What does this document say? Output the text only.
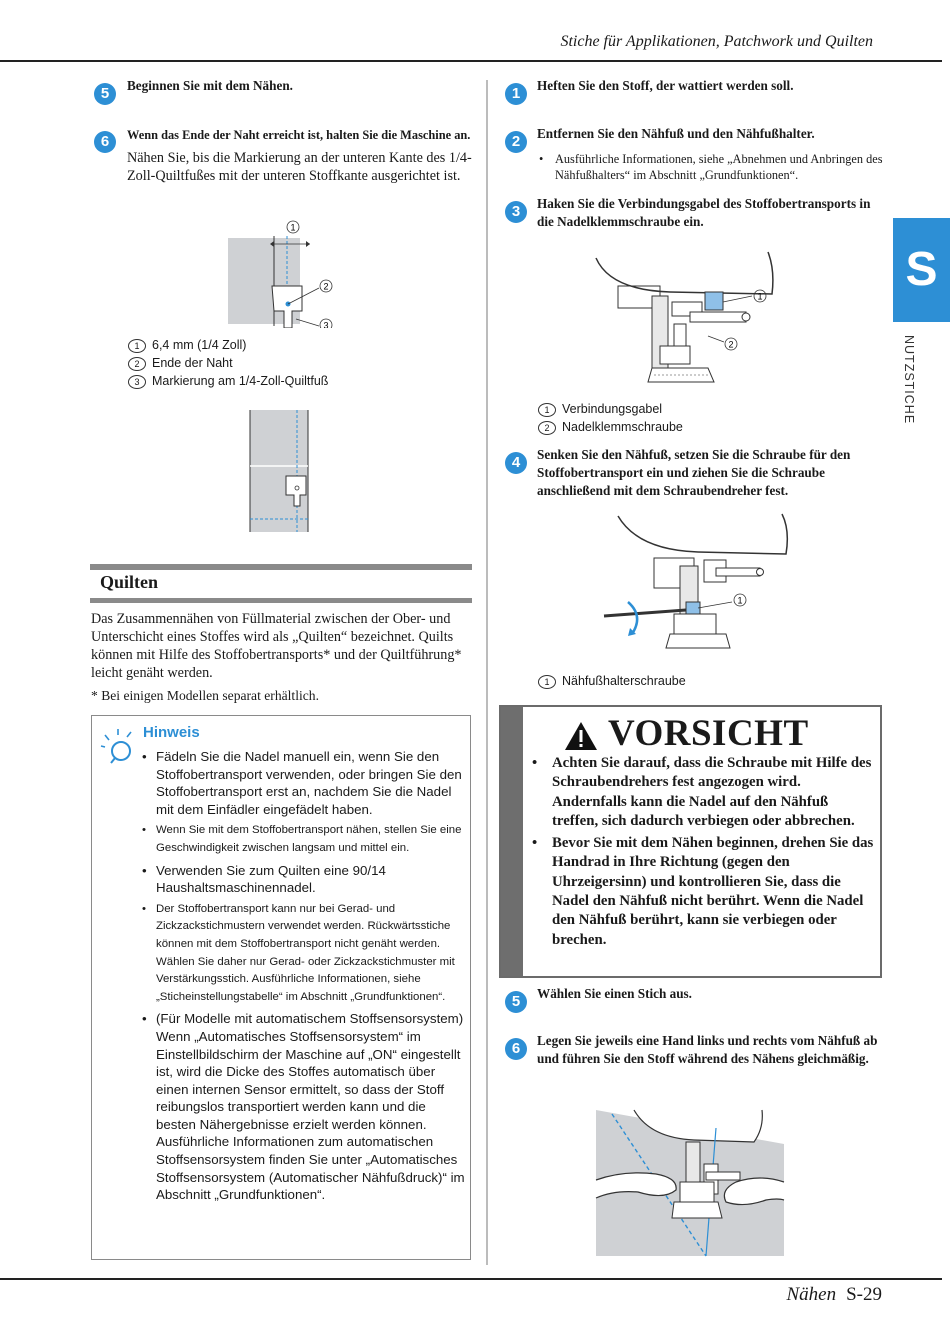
Stiche für Applikationen, Patchwork und Quilten
S
NUTZSTICHE
5	Beginnen Sie mit dem Nähen.
Wenn das Ende der Naht erreicht ist, halten Sie die Maschine an.
6
Nähen Sie, bis die Markierung an der unteren Kante des 1/4-Zoll-Quiltfußes mit der unteren Stoffkante ausgerichtet ist.
1
2
3
1 6,4 mm (1/4 Zoll)
2 Ende der Naht
3 Markierung am 1/4-Zoll-Quiltfuß
Quilten
Das Zusammennähen von Füllmaterial zwischen der Ober- und Unterschicht eines Stoffes wird als „Quilten“ bezeichnet. Quilts können mit Hilfe des Stoffobertransports* und der Quiltführung* leicht genäht werden.
* Bei einigen Modellen separat erhältlich.
Hinweis
• Fädeln Sie die Nadel manuell ein, wenn Sie den Stoffobertransport verwenden, oder bringen Sie den Stoffobertransport erst an, nachdem Sie die Nadel mit dem Einfädler eingefädelt haben.
• Wenn Sie mit dem Stoffobertransport nähen, stellen Sie eine Geschwindigkeit zwischen langsam und mittel ein.
• Verwenden Sie zum Quilten eine 90/14 Haushaltsmaschinennadel.
• Der Stoffobertransport kann nur bei Gerad- und Zickzackstichmustern verwendet werden. Rückwärtsstiche können mit dem Stoffobertransport nicht genäht werden. Wählen Sie daher nur Gerad- oder Zickzackstichmuster mit Verstärkungsstich. Ausführliche Informationen, siehe „Sticheinstellungstabelle“ im Abschnitt „Grundfunktionen“.
• (Für Modelle mit automatischem Stoffsensorsystem) Wenn „Automatisches Stoffsensorsystem“ im Einstellbildschirm der Maschine auf „ON“ eingestellt ist, wird die Dicke des Stoffes automatisch über einen internen Sensor ermittelt, so dass der Stoff reibungslos transportiert werden kann und die besten Nähergebnisse erzielt werden können. Ausführliche Informationen zum automatischen Stoffsensorsystem finden Sie unter „Automatisches Stoffsensorsystem (Automatischer Nähfußdruck)“ im Abschnitt „Grundfunktionen“.
1	Heften Sie den Stoff, der wattiert werden soll.
2	Entfernen Sie den Nähfuß und den Nähfußhalter.
• Ausführliche Informationen, siehe „Abnehmen und Anbringen des Nähfußhalters“ im Abschnitt „Grundfunktionen“.
3	Haken Sie die Verbindungsgabel des Stoffobertransports in die Nadelklemmschraube ein.
1
2
1 Verbindungsgabel
2 Nadelklemmschraube
4	Senken Sie den Nähfuß, setzen Sie die Schraube für den Stoffobertransport ein und ziehen Sie die Schraube anschließend mit dem Schraubendreher fest.
1
1 Nähfußhalterschraube
VORSICHT
• Achten Sie darauf, dass die Schraube mit Hilfe des Schraubendrehers fest angezogen wird. Andernfalls kann die Nadel auf den Nähfuß treffen, sich dadurch verbiegen oder abbrechen.
• Bevor Sie mit dem Nähen beginnen, drehen Sie das Handrad in Ihre Richtung (gegen den Uhrzeigersinn) und kontrollieren Sie, dass die Nadel den Nähfuß nicht berührt. Wenn die Nadel den Nähfuß berührt, kann sie verbiegen oder brechen.
5	Wählen Sie einen Stich aus.
6	Legen Sie jeweils eine Hand links und rechts vom Nähfuß ab und führen Sie den Stoff während des Nähens gleichmäßig.
Nähen S-29
